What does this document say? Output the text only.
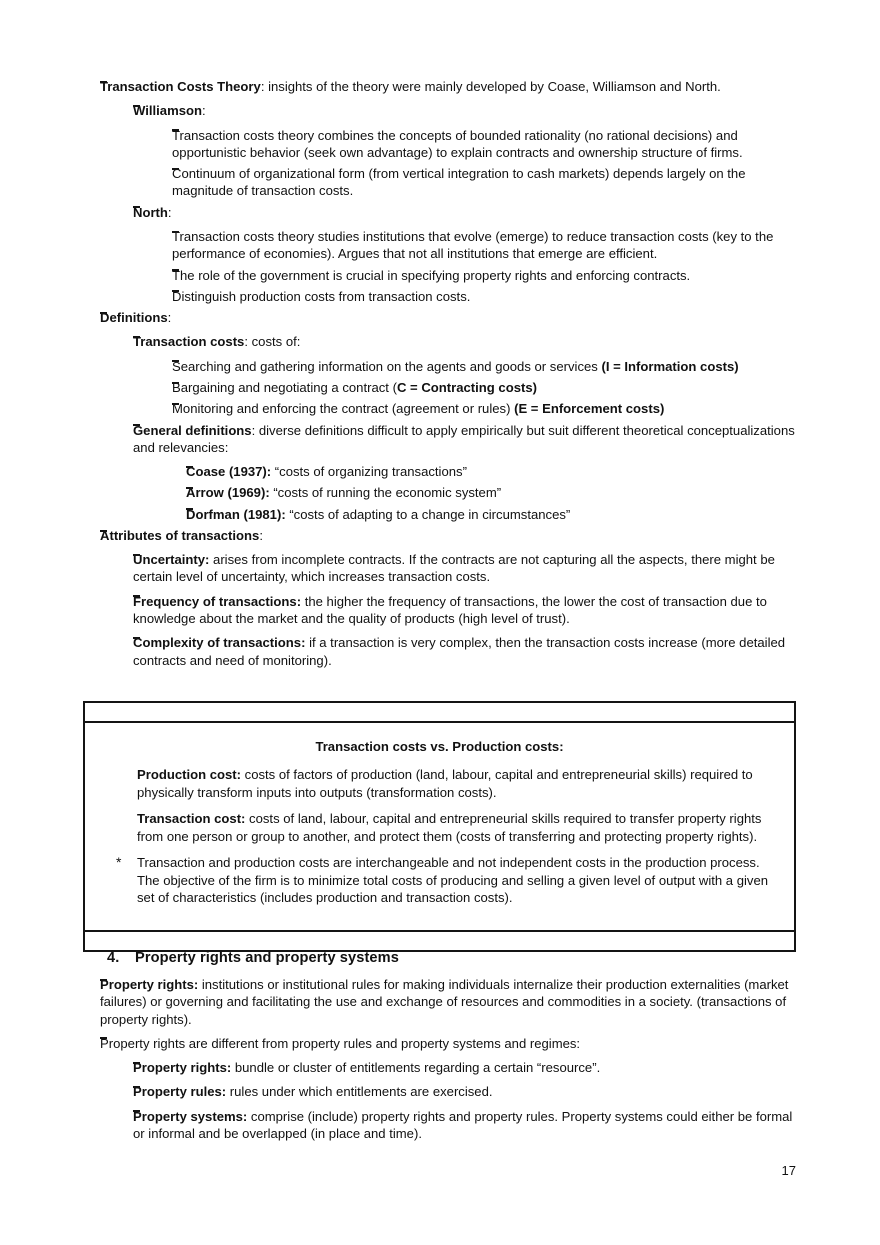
Transaction Costs Theory: insights of the theory were mainly developed by Coase, Williamson and North.
Williamson:
Transaction costs theory combines the concepts of bounded rationality (no rational decisions) and opportunistic behavior (seek own advantage) to explain contracts and ownership structure of firms.
Continuum of organizational form (from vertical integration to cash markets) depends largely on the magnitude of transaction costs.
North:
Transaction costs theory studies institutions that evolve (emerge) to reduce transaction costs (key to the performance of economies). Argues that not all institutions that emerge are efficient.
The role of the government is crucial in specifying property rights and enforcing contracts.
Distinguish production costs from transaction costs.
Definitions:
Transaction costs: costs of:
Searching and gathering information on the agents and goods or services (I = Information costs)
Bargaining and negotiating a contract (C = Contracting costs)
Monitoring and enforcing the contract (agreement or rules) (E = Enforcement costs)
General definitions: diverse definitions difficult to apply empirically but suit different theoretical conceptualizations and relevancies:
Coase (1937): “costs of organizing transactions”
Arrow (1969): “costs of running the economic system”
Dorfman (1981): “costs of adapting to a change in circumstances”
Attributes of transactions:
Uncertainty: arises from incomplete contracts. If the contracts are not capturing all the aspects, there might be certain level of uncertainty, which increases transaction costs.
Frequency of transactions: the higher the frequency of transactions, the lower the cost of transaction due to knowledge about the market and the quality of products (high level of trust).
Complexity of transactions: if a transaction is very complex, then the transaction costs increase (more detailed contracts and need of monitoring).
Transaction costs vs. Production costs:
Production cost: costs of factors of production (land, labour, capital and entrepreneurial skills) required to physically transform inputs into outputs (transformation costs).
Transaction cost: costs of land, labour, capital and entrepreneurial skills required to transfer property rights from one person or group to another, and protect them (costs of transferring and protecting property rights).
* Transaction and production costs are interchangeable and not independent costs in the production process. The objective of the firm is to minimize total costs of producing and selling a given level of output with a given set of characteristics (includes production and transaction costs).
4. Property rights and property systems
Property rights: institutions or institutional rules for making individuals internalize their production externalities (market failures) or governing and facilitating the use and exchange of resources and commodities in a society. (transactions of property rights).
Property rights are different from property rules and property systems and regimes:
Property rights: bundle or cluster of entitlements regarding a certain “resource”.
Property rules: rules under which entitlements are exercised.
Property systems: comprise (include) property rights and property rules. Property systems could either be formal or informal and be overlapped (in place and time).
17
